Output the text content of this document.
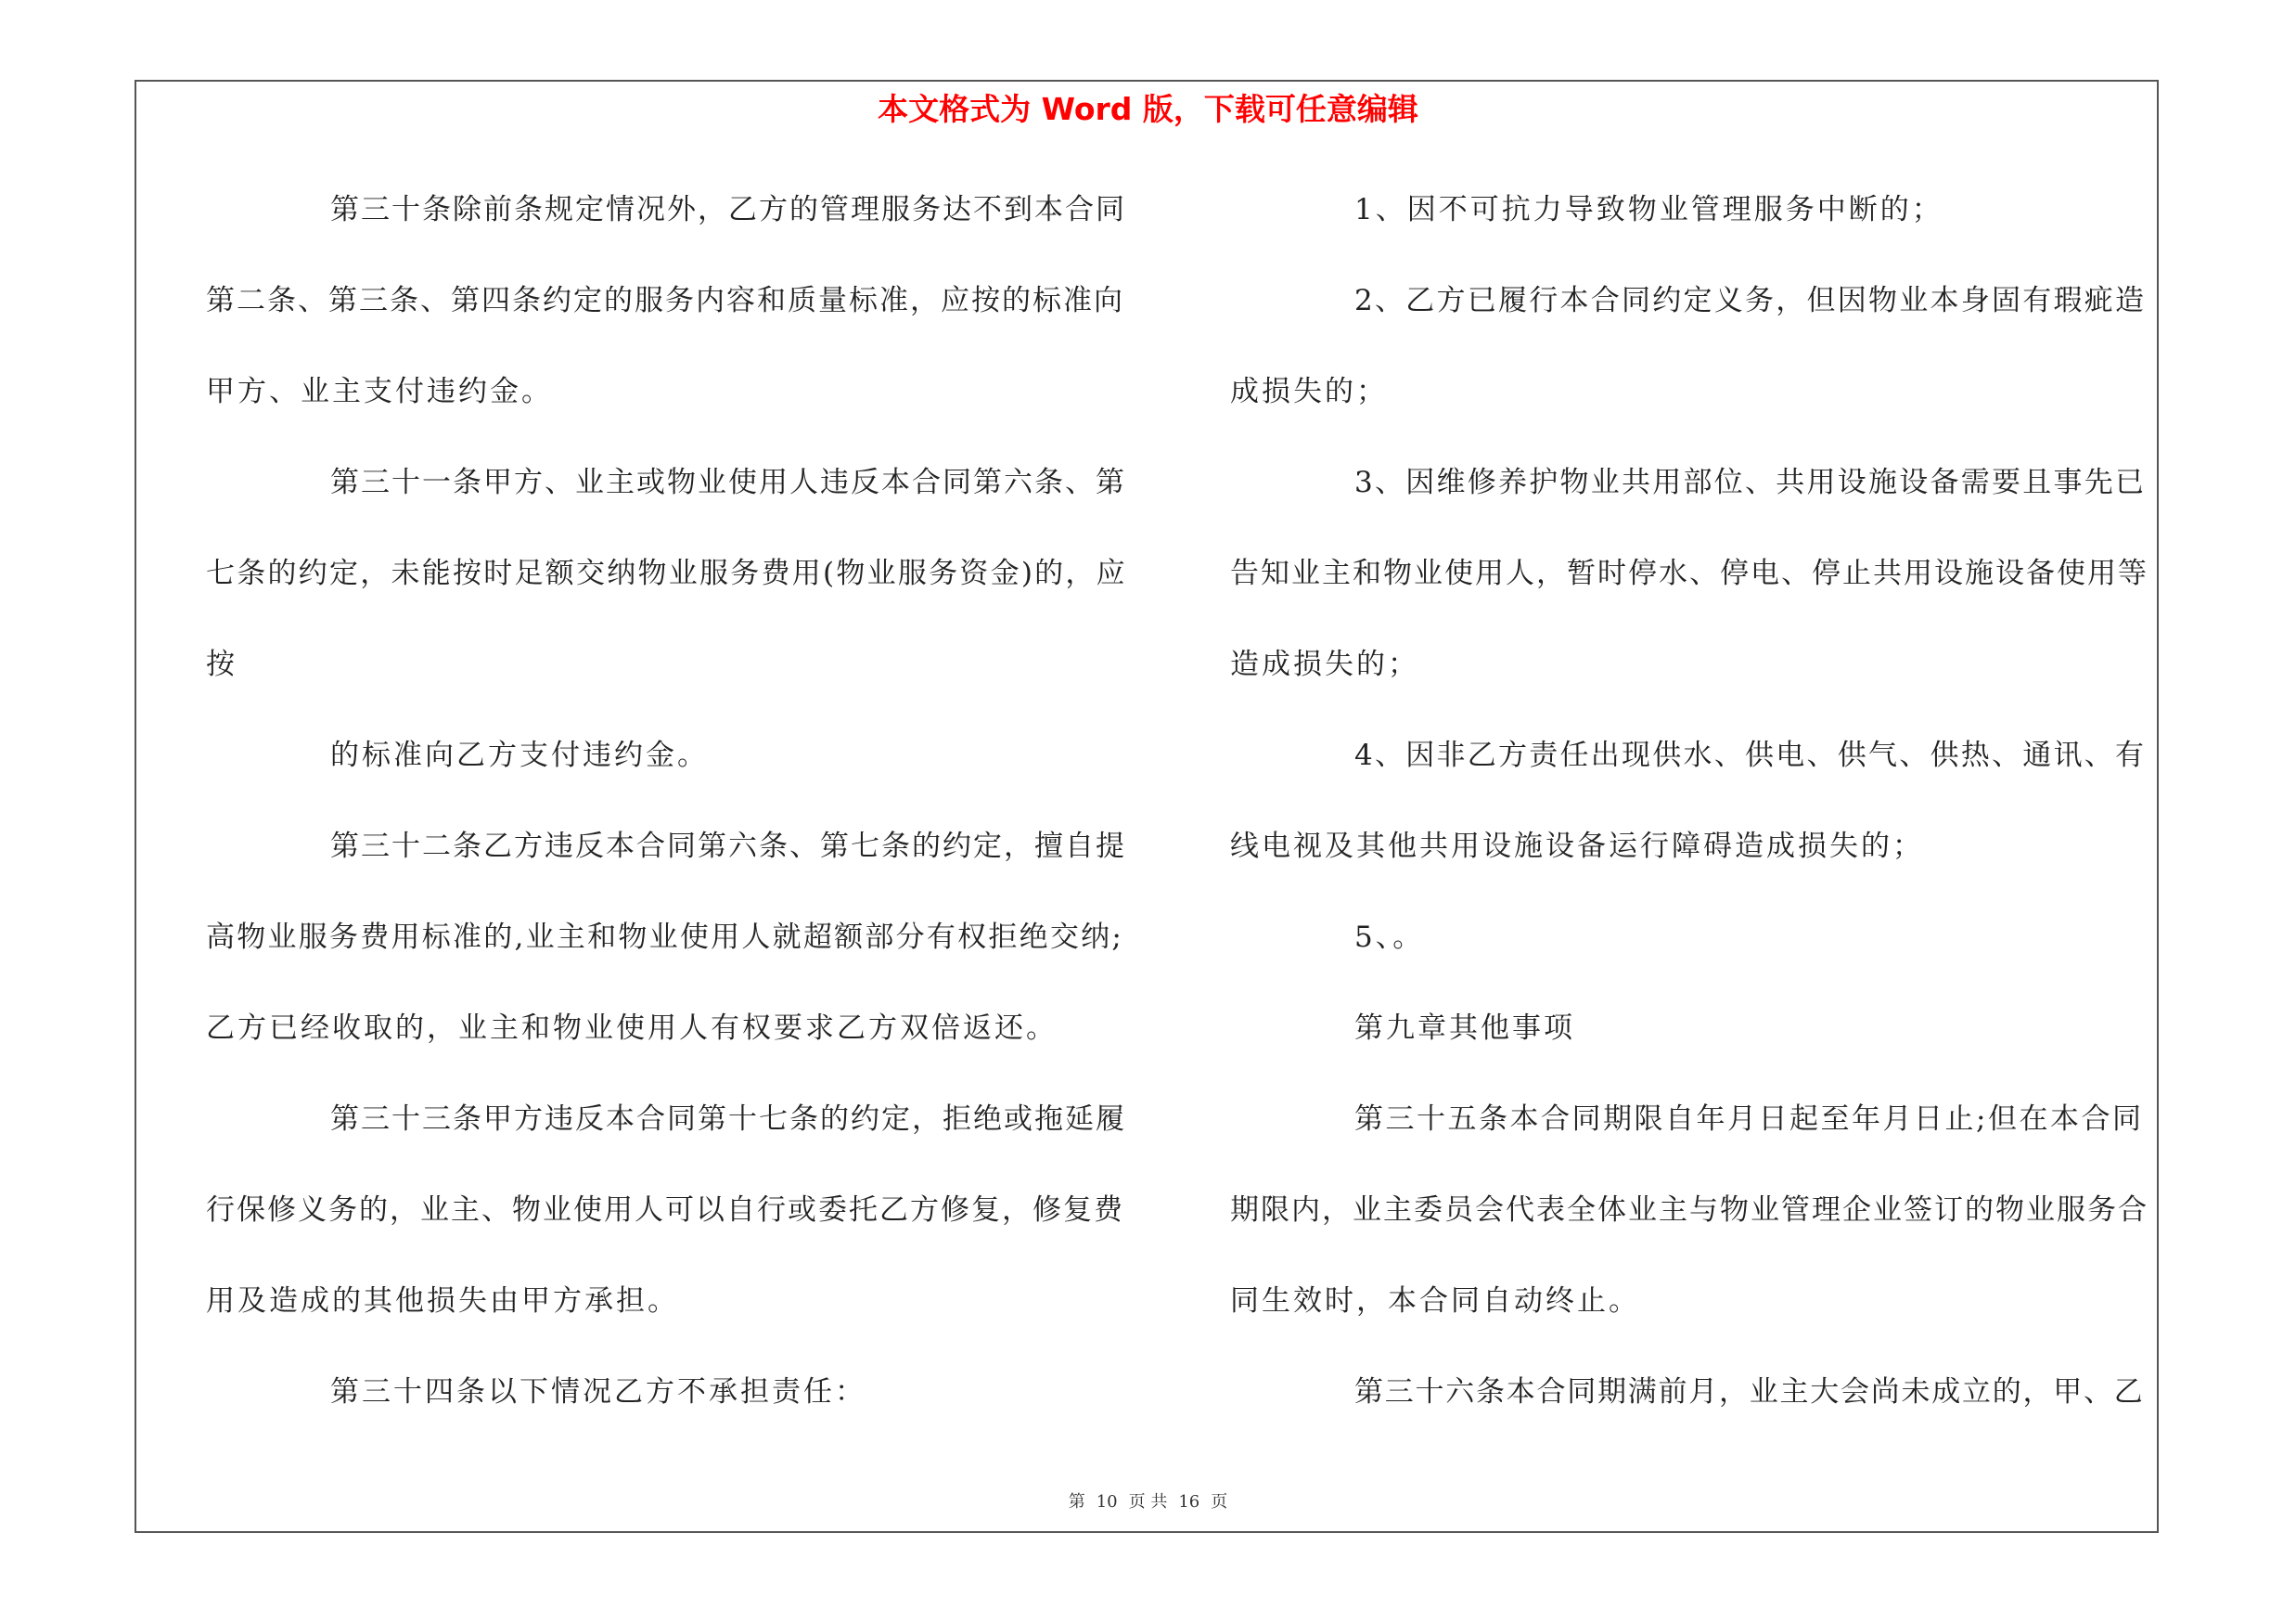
本文格式为 Word 版，下载可任意编辑
第三十条除前条规定情况外，乙方的管理服务达不到本合同
第二条、第三条、第四条约定的服务内容和质量标准，应按的标准向
甲方、业主支付违约金。
第三十一条甲方、业主或物业使用人违反本合同第六条、第
七条的约定，未能按时足额交纳物业服务费用(物业服务资金)的，应
按
的标准向乙方支付违约金。
第三十二条乙方违反本合同第六条、第七条的约定，擅自提
高物业服务费用标准的,业主和物业使用人就超额部分有权拒绝交纳;
乙方已经收取的，业主和物业使用人有权要求乙方双倍返还。
第三十三条甲方违反本合同第十七条的约定，拒绝或拖延履
行保修义务的，业主、物业使用人可以自行或委托乙方修复，修复费
用及造成的其他损失由甲方承担。
第三十四条以下情况乙方不承担责任：
1、因不可抗力导致物业管理服务中断的；
2、乙方已履行本合同约定义务，但因物业本身固有瑕疵造
成损失的；
3、因维修养护物业共用部位、共用设施设备需要且事先已
告知业主和物业使用人，暂时停水、停电、停止共用设施设备使用等
造成损失的；
4、因非乙方责任出现供水、供电、供气、供热、通讯、有
线电视及其他共用设施设备运行障碍造成损失的；
5、。
第九章其他事项
第三十五条本合同期限自年月日起至年月日止;但在本合同
期限内，业主委员会代表全体业主与物业管理企业签订的物业服务合
同生效时，本合同自动终止。
第三十六条本合同期满前月，业主大会尚未成立的，甲、乙
第 10 页 共 16 页
